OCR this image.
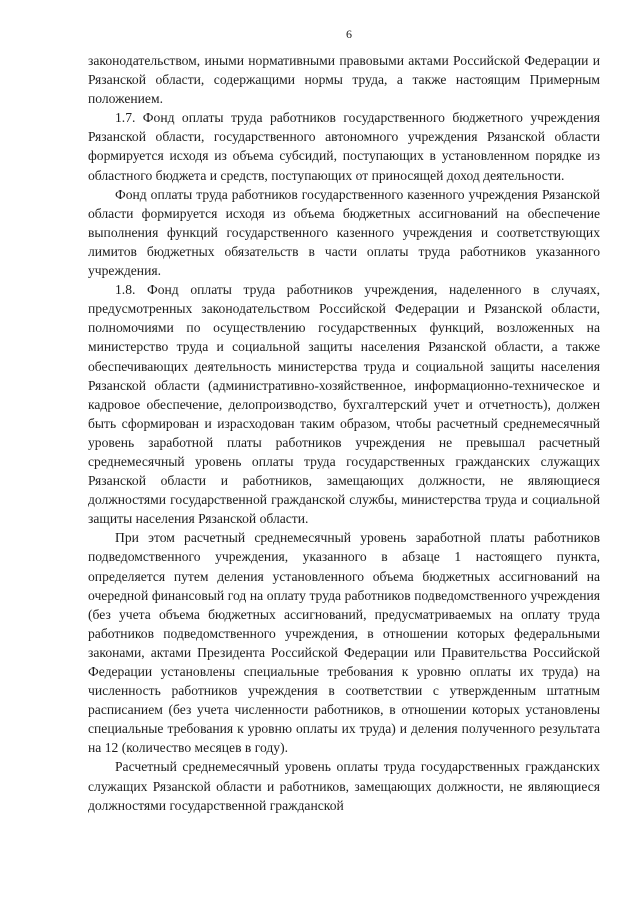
6

законодательством, иными нормативными правовыми актами Российской Федерации и Рязанской области, содержащими нормы труда, а также настоящим Примерным положением.

1.7. Фонд оплаты труда работников государственного бюджетного учреждения Рязанской области, государственного автономного учреждения Рязанской области формируется исходя из объема субсидий, поступающих в установленном порядке из областного бюджета и средств, поступающих от приносящей доход деятельности.

Фонд оплаты труда работников государственного казенного учреждения Рязанской области формируется исходя из объема бюджетных ассигнований на обеспечение выполнения функций государственного казенного учреждения и соответствующих лимитов бюджетных обязательств в части оплаты труда работников указанного учреждения.

1.8. Фонд оплаты труда работников учреждения, наделенного в случаях, предусмотренных законодательством Российской Федерации и Рязанской области, полномочиями по осуществлению государственных функций, возложенных на министерство труда и социальной защиты населения Рязанской области, а также обеспечивающих деятельность министерства труда и социальной защиты населения Рязанской области (административно-хозяйственное, информационно-техническое и кадровое обеспечение, делопроизводство, бухгалтерский учет и отчетность), должен быть сформирован и израсходован таким образом, чтобы расчетный среднемесячный уровень заработной платы работников учреждения не превышал расчетный среднемесячный уровень оплаты труда государственных гражданских служащих Рязанской области и работников, замещающих должности, не являющиеся должностями государственной гражданской службы, министерства труда и социальной защиты населения Рязанской области.

При этом расчетный среднемесячный уровень заработной платы работников подведомственного учреждения, указанного в абзаце 1 настоящего пункта, определяется путем деления установленного объема бюджетных ассигнований на очередной финансовый год на оплату труда работников подведомственного учреждения (без учета объема бюджетных ассигнований, предусматриваемых на оплату труда работников подведомственного учреждения, в отношении которых федеральными законами, актами Президента Российской Федерации или Правительства Российской Федерации установлены специальные требования к уровню оплаты их труда) на численность работников учреждения в соответствии с утвержденным штатным расписанием (без учета численности работников, в отношении которых установлены специальные требования к уровню оплаты их труда) и деления полученного результата на 12 (количество месяцев в году).

Расчетный среднемесячный уровень оплаты труда государственных гражданских служащих Рязанской области и работников, замещающих должности, не являющиеся должностями государственной гражданской
